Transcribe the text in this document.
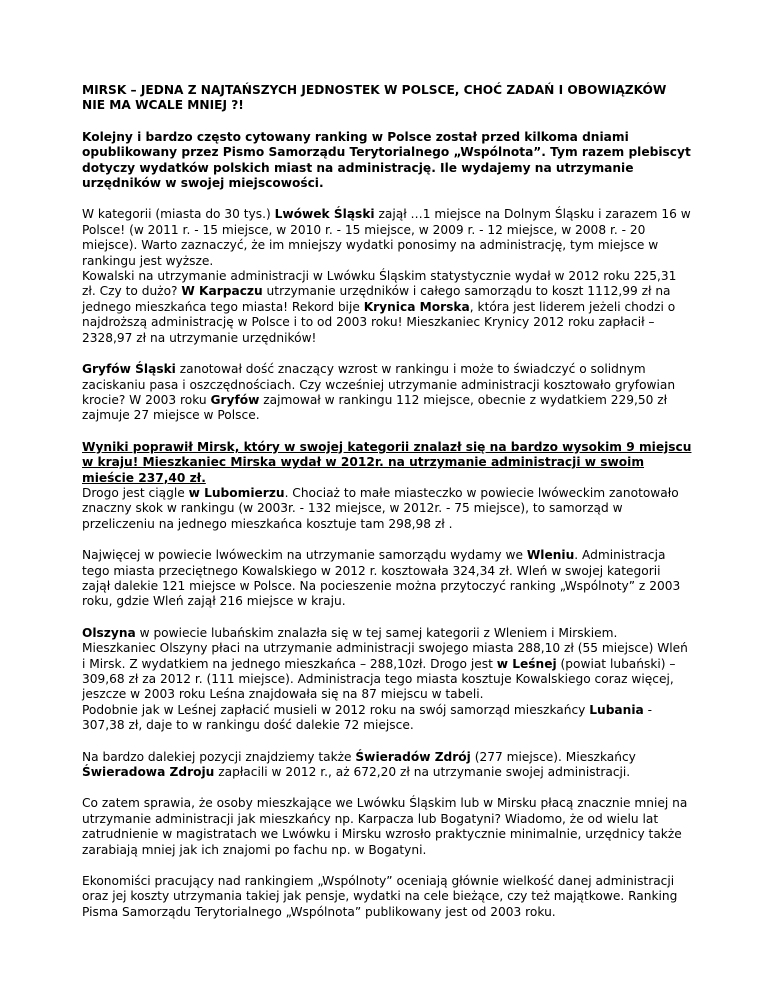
MIRSK – JEDNA Z NAJTAŃSZYCH JEDNOSTEK W POLSCE, CHOĆ ZADAŃ I OBOWIĄZKÓW NIE MA WCALE MNIEJ ?!

Kolejny i bardzo często cytowany ranking w Polsce został przed kilkoma dniami opublikowany przez Pismo Samorządu Terytorialnego „Wspólnota”. Tym razem plebiscyt dotyczy wydatków polskich miast na administrację. Ile wydajemy na utrzymanie urzędników w swojej miejscowości.

W kategorii (miasta do 30 tys.) Lwówek Śląski zajął …1 miejsce na Dolnym Śląsku i zarazem 16 w Polsce! (w 2011 r. - 15 miejsce, w 2010 r. - 15 miejsce, w 2009 r. - 12 miejsce, w 2008 r. - 20 miejsce). Warto zaznaczyć, że im mniejszy wydatki ponosimy na administrację, tym miejsce w rankingu jest wyższe.
Kowalski na utrzymanie administracji w Lwówku Śląskim statystycznie wydał w 2012 roku 225,31 zł. Czy to dużo? W Karpaczu utrzymanie urzędników i całego samorządu to koszt 1112,99 zł na jednego mieszkańca tego miasta! Rekord bije Krynica Morska, która jest liderem jeżeli chodzi o najdroższą administrację w Polsce i to od 2003 roku! Mieszkaniec Krynicy 2012 roku zapłacił – 2328,97 zł na utrzymanie urzędników!

Gryfów Śląski zanotował dość znaczący wzrost w rankingu i może to świadczyć o solidnym zaciskaniu pasa i oszczędnościach. Czy wcześniej utrzymanie administracji kosztowało gryfowian krocie? W 2003 roku Gryfów zajmował w rankingu 112 miejsce, obecnie z wydatkiem 229,50 zł zajmuje 27 miejsce w Polsce.

Wyniki poprawił Mirsk, który w swojej kategorii znalazł się na bardzo wysokim 9 miejscu w kraju! Mieszkaniec Mirska wydał w 2012r. na utrzymanie administracji w swoim mieście 237,40 zł.
Drogo jest ciągle w Lubomierzu. Chociaż to małe miasteczko w powiecie lwóweckim zanotowało znaczny skok w rankingu (w 2003r. - 132 miejsce, w 2012r. - 75 miejsce), to samorząd w przeliczeniu na jednego mieszkańca kosztuje tam 298,98 zł .

Najwięcej w powiecie lwóweckim na utrzymanie samorządu wydamy we Wleniu. Administracja tego miasta przeciętnego Kowalskiego w 2012 r. kosztowała 324,34 zł. Wleń w swojej kategorii zajął dalekie 121 miejsce w Polsce. Na pocieszenie można przytoczyć ranking „Wspólnoty” z 2003 roku, gdzie Wleń zajął 216 miejsce w kraju.

Olszyna w powiecie lubańskim znalazła się w tej samej kategorii z Wleniem i Mirskiem. Mieszkaniec Olszyny płaci na utrzymanie administracji swojego miasta 288,10 zł (55 miejsce) Wleń i Mirsk. Z wydatkiem na jednego mieszkańca – 288,10zł. Drogo jest w Leśnej (powiat lubański) – 309,68 zł za 2012 r. (111 miejsce). Administracja tego miasta kosztuje Kowalskiego coraz więcej, jeszcze w 2003 roku Leśna znajdowała się na 87 miejscu w tabeli.
Podobnie jak w Leśnej zapłacić musieli w 2012 roku na swój samorząd mieszkańcy Lubania - 307,38 zł, daje to w rankingu dość dalekie 72 miejsce.

Na bardzo dalekiej pozycji znajdziemy także Świeradów Zdrój (277 miejsce). Mieszkańcy Świeradowa Zdroju zapłacili w 2012 r., aż 672,20 zł na utrzymanie swojej administracji.

Co zatem sprawia, że osoby mieszkające we Lwówku Śląskim lub w Mirsku płacą znacznie mniej na utrzymanie administracji jak mieszkańcy np. Karpacza lub Bogatyni? Wiadomo, że od wielu lat zatrudnienie w magistratach we Lwówku i Mirsku wzrosło praktycznie minimalnie, urzędnicy także zarabiają mniej jak ich znajomi po fachu np. w Bogatyni.

Ekonomiści pracujący nad rankingiem „Wspólnoty” oceniają głównie wielkość danej administracji oraz jej koszty utrzymania takiej jak pensje, wydatki na cele bieżące, czy też majątkowe. Ranking Pisma Samorządu Terytorialnego „Wspólnota” publikowany jest od 2003 roku.
